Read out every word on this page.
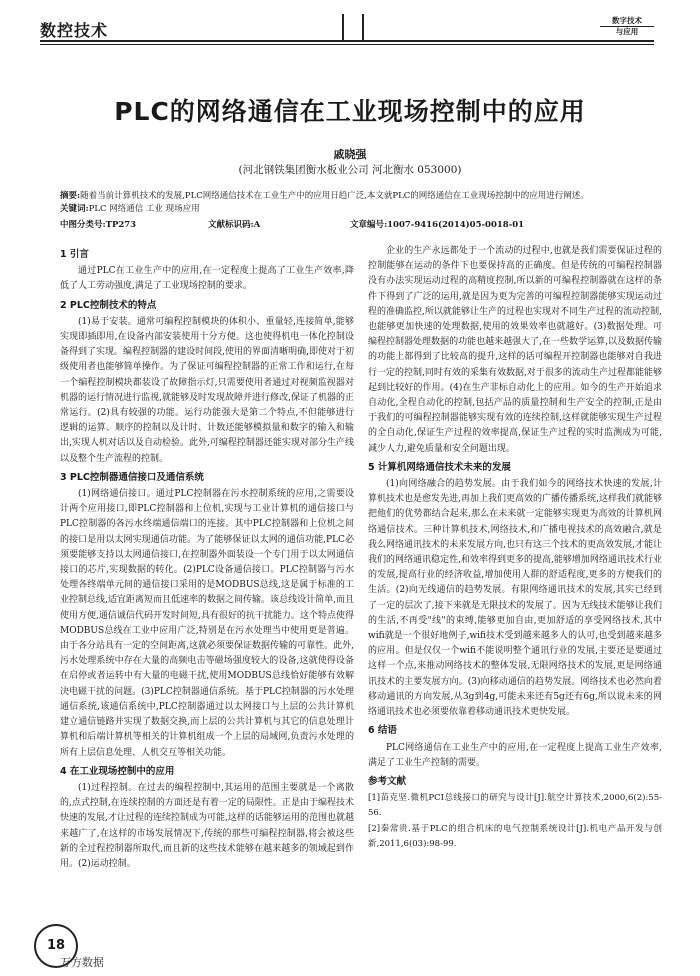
数控技术
数字技术
与应用
PLC的网络通信在工业现场控制中的应用
戚晓强
(河北钢铁集团衡水板业公司 河北衡水 053000)
摘要:随着当前计算机技术的发展,PLC网络通信技术在工业生产中的应用日趋广泛,本文就PLC的网络通信在工业现场控制中的应用进行阐述。
关键词:PLC 网络通信 工业 现场应用
中图分类号:TP273	文献标识码:A	文章编号:1007-9416(2014)05-0018-01
1 引言

通过PLC在工业生产中的应用,在一定程度上提高了工业生产效率,降低了人工劳动强度,满足了工业现场控制的要求。

2 PLC控制技术的特点

(1)易于安装。通常可编程控制模块的体积小、重量轻,连接简单,能够实现即插即用,在设备内部安装使用十分方便。这也使得机电一体化控制设备得到了实现。编程控制器的建设时间段,使用的界面清晰明确,即使对于初级使用者也能够简单操作。为了保证可编程控制器的正常工作和运行,在每一个编程控制模块都装设了故障指示灯,只需要使用者通过对视频监视器对机器的运行情况进行监视,就能够及时发现故障并进行修改,保证了机器的正常运行。(2)具有较强的功能。运行功能强大是第二个特点,不但能够进行逻辑的运算、顺序的控制以及计时、计数还能够模拟量和数字的输入和输出,实现人机对话以及自动检验。此外,可编程控制器还能实现对部分生产线以及整个生产流程的控制。

3 PLC控制器通信接口及通信系统

(1)网络通信接口。通过PLC控制器在污水控制系统的应用,之需要设计两个应用接口,即PLC控制器和上位机,实现与工业计算机的通信接口与PLC控制器的各污水终端通信端口的连接。其中PLC控制器和上位机之间的接口是用以太网实现通信功能。为了能够保证以太网的通信功能,PLC必须要能够支持以太网通信接口,在控制器外面装设一个专门用于以太网通信接口的芯片,实现数据的转化。(2)PLC设备通信接口。PLC控制器与污水处理各终端单元间的通信接口采用的是MODBUS总线,这是属于标准的工业控制总线,适宜距离短而且低速率的数据之间传输。该总线设计简单,而且使用方便,通信诚信代码开发时间短,具有很好的抗干扰能力。这个特点使得MODBUS总线在工业中应用广泛,特别是在污水处理当中使用更是普遍。由于各分站具有一定的空间距离,这就必须要保证数据传输的可靠性。此外,污水处理系统中存在大量的高频电击等磁场强度较大的设备,这就使得设备在启停或者运转中有大量的电磁干扰,使用MODBUS总线恰好能够有效解决电磁干扰的问题。(3)PLC控制器通信系统。基于PLC控制器的污水处理通信系统,该通信系统中,PLC控制器通过以太网接口与上层的公共计算机建立通信链路并实现了数据交换,而上层的公共计算机与其它的信息处理计算机和后端计算机等相关的计算机组成一个上层的局域网,负责污水处理的所有上层信息处理、人机交互等相关功能。

4 在工业现场控制中的应用

(1)过程控制。在过去的编程控制中,其运用的范围主要就是一个离散的,点式控制,在连续控制的方面还是有着一定的局限性。正是由于编程技术快速的发展,才让过程的连续控制成为可能,这样的话能够运用的范围也就越来越广了,在这样的市场发展情况下,传统的那些可编程控制器,将会被这些新的全过程控制器所取代,而且新的这些技术能够在越来越多的领域起到作用。(2)运动控制。

企业的生产永远都处于一个流动的过程中,也就是我们需要保证过程的控制能够在运动的条件下也要保持高的正确度。但是传统的可编程控制器没有办法实现运动过程的高精度控制,所以新的可编程控制器就在这样的条件下得到了广泛的运用,就是因为更为完善的可编程控制器能够实现运动过程的准确监控,所以就能够让生产的过程也实现对不同生产过程的流动控制,也能够更加快速的处理数据,使用的效果效率也就越好。(3)数据处理。可编程控制器处理数据的功能也越来越强大了,在一些数学运算,以及数据传输的功能上都得到了比较高的提升,这样的话可编程开控制器也能够对自我进行一定的控制,同时有效的采集有效数据,对于很多的流动生产过程都能能够起到比较好的作用。(4)在生产非标自动化上的应用。如今的生产开始追求自动化,全程自动化的控制,包括产品的质量控制和生产安全的控制,正是由于我们的可编程控制器能够实现有效的连续控制,这样就能够实现生产过程的全自动化,保证生产过程的效率提高,保证生产过程的实时监测成为可能,减少人力,避免质量和安全问题出现。

5 计算机网络通信技术未来的发展

(1)向网络融合的趋势发展。由于我们如今的网络技术快速的发展,计算机技术也是愈发先进,再加上我们更高效的广播传播系统,这样我们就能够把他们的优势都结合起来,那么在未来就一定能够实现更为高效的计算机网络通信技术。三种计算机技术,网络技术,和广播电视技术的高效融合,就是我么网络通讯技术的未来发展方向,也只有这三个技术的更高效发展,才能让我们的网络通讯稳定性,和效率得到更多的提高,能够增加网络通讯技术行业的发展,提高行业的经济收益,增加使用人群的舒适程度,更多的方便我们的生活。(2)向无线通信的趋势发展。有限网络通讯技术的发展,其实已经到了一定的层次了,接下来就是无限技术的发展了。因为无线技术能够让我们的生活,不再受"线"的束缚,能够更加自由,更加舒适的享受网络技术,其中wifi就是一个很好地例子,wifi技术受到越来越多人的认可,也受到越来越多的应用。但是仅仅一个wifi不能说明整个通讯行业的发展,主要还是要通过这样一个点,来推动网络技术的整体发展,无限网络技术的发展,更是网络通讯技术的主要发展方向。(3)向移动通信的趋势发展。网络技术也必然向着移动通讯的方向发展,从3g到4g,可能未来还有5g还有6g,所以说未来的网络通讯技术也必须要依靠着移动通讯技术更快发展。

6 结语

PLC网络通信在工业生产中的应用,在一定程度上提高工业生产效率,满足了工业生产控制的需要。

参考文献

[1]苗克坚.微机PCI总线接口的研究与设计[J].航空计算技术,2000,6(2):55-56.

[2]秦常贵.基于PLC的组合机床的电气控制系统设计[J].机电产品开发与创新,2011,6(03):98-99.

18
万方数据
